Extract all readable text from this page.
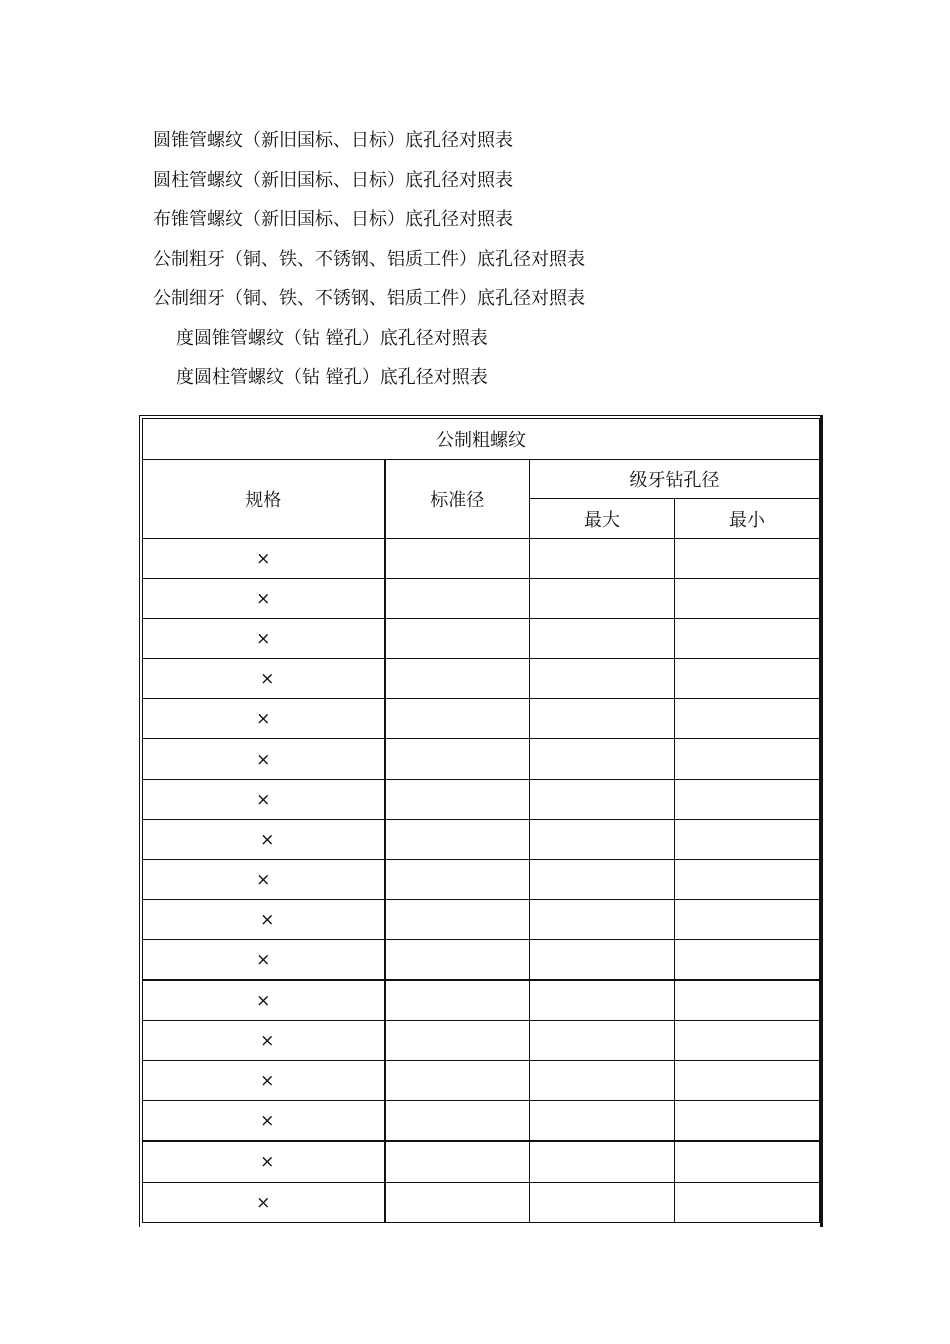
圆锥管螺纹（新旧国标、日标）底孔径对照表
圆柱管螺纹（新旧国标、日标）底孔径对照表
布锥管螺纹（新旧国标、日标）底孔径对照表
公制粗牙（铜、铁、不锈钢、铝质工件）底孔径对照表
公制细牙（铜、铁、不锈钢、铝质工件）底孔径对照表
度圆锥管螺纹（钻 镗孔）底孔径对照表
度圆柱管螺纹（钻 镗孔）底孔径对照表
公制粗螺纹			
规格	标准径	级牙钻孔径	
		最大	最小
×			
×			
×			
×			
×			
×			
×			
×			
×			
×			
×			
×			
×			
×			
×			
×			
×			
